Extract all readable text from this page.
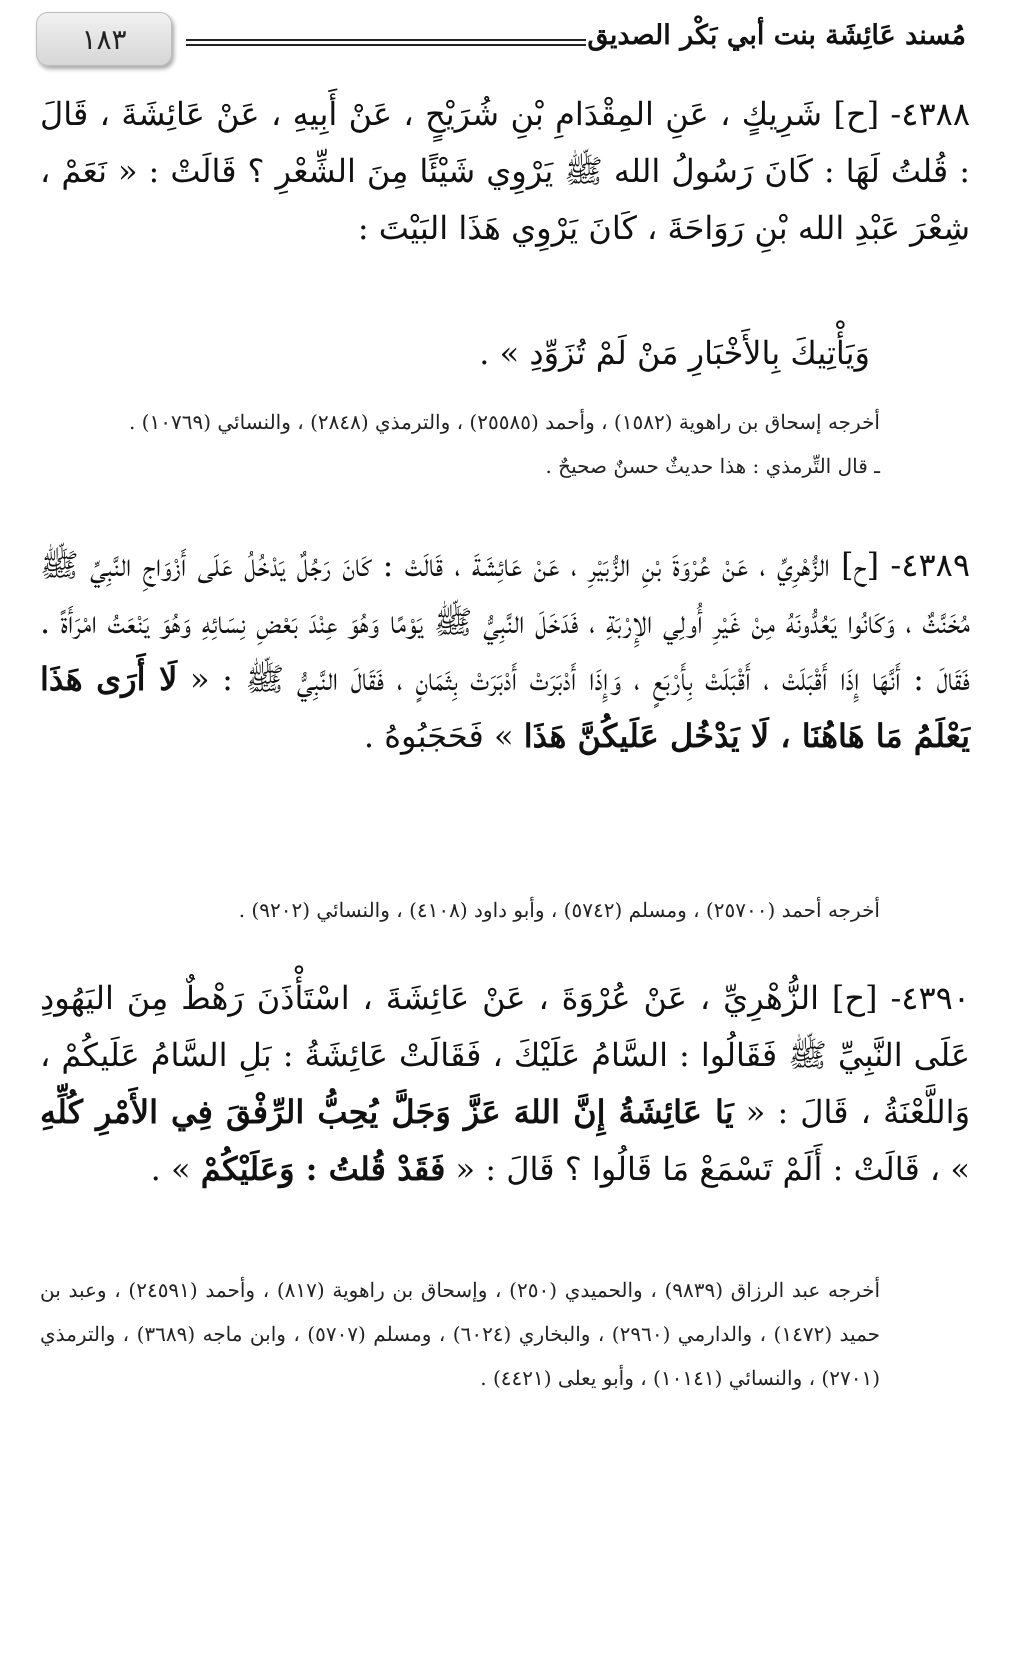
١٨٣	مُسند عَائِشَة بنت أبي بَكْر الصديق
٤٣٨٨- [ح] شَرِيكٍ ، عَنِ المِقْدَامِ بْنِ شُرَيْحٍ ، عَنْ أَبِيهِ ، عَنْ عَائِشَةَ ، قَالَ : قُلتُ لَهَا : كَانَ رَسُولُ الله ﷺ يَرْوِي شَيْئًا مِنَ الشِّعْرِ ؟ قَالَتْ : « نَعَمْ ، شِعْرَ عَبْدِ الله بْنِ رَوَاحَةَ ، كَانَ يَرْوِي هَذَا البَيْتَ :
وَيَأْتِيكَ بِالأَخْبَارِ مَنْ لَمْ تُزَوِّدِ » .
أخرجه إسحاق بن راهوية (١٥٨٢) ، وأحمد (٢٥٥٨٥) ، والترمذي (٢٨٤٨) ، والنسائي (١٠٧٦٩) .
ـ قال التِّرمذي : هذا حديثٌ حسنٌ صحيحٌ .
٤٣٨٩- [ح] الزُّهْرِيِّ ، عَنْ عُرْوَةَ بْنِ الزُّبَيْرِ ، عَنْ عَائِشَةَ ، قَالَتْ : كَانَ رَجُلٌ يَدْخُلُ عَلَى أَزْوَاجِ النَّبِيِّ ﷺ مُخَنَّثٌ ، وَكَانُوا يَعُدُّونَهُ مِنْ غَيْرِ أُولِي الإِرْبَةِ ، فَدَخَلَ النَّبِيُّ ﷺ يَوْمًا وَهُوَ عِنْدَ بَعْضِ نِسَائِهِ وَهُوَ يَنْعَتُ امْرَأَةً . فَقَالَ : أَنَّهَا إِذَا أَقْبَلَتْ ، أَقْبَلَتْ بِأَرْبَعٍ ، وَإِذَا أَدْبَرَتْ أَدْبَرَتْ بِثَمَانٍ ، فَقَالَ النَّبِيُّ ﷺ : « لَا أَرَى هَذَا يَعْلَمُ مَا هَاهُنَا ، لَا يَدْخُل عَلَيكُنَّ هَذَا » فَحَجَبُوهُ .
أخرجه أحمد (٢٥٧٠٠) ، ومسلم (٥٧٤٢) ، وأبو داود (٤١٠٨) ، والنسائي (٩٢٠٢) .
٤٣٩٠- [ح] الزُّهْرِيِّ ، عَنْ عُرْوَةَ ، عَنْ عَائِشَةَ ، اسْتَأْذَنَ رَهْطٌ مِنَ اليَهُودِ عَلَى النَّبِيِّ ﷺ فَقَالُوا : السَّامُ عَلَيْكَ ، فَقَالَتْ عَائِشَةُ : بَلِ السَّامُ عَلَيكُمْ ، وَاللَّعْنَةُ ، قَالَ : « يَا عَائِشَةُ إِنَّ اللهَ عَزَّ وَجَلَّ يُحِبُّ الرِّفْقَ فِي الأَمْرِ كُلِّهِ » ، قَالَتْ : أَلَمْ تَسْمَعْ مَا قَالُوا ؟ قَالَ : « فَقَدْ قُلتُ : وَعَلَيْكُمْ » .
أخرجه عبد الرزاق (٩٨٣٩) ، والحميدي (٢٥٠) ، وإسحاق بن راهوية (٨١٧) ، وأحمد (٢٤٥٩١) ، وعبد بن حميد (١٤٧٢) ، والدارمي (٢٩٦٠) ، والبخاري (٦٠٢٤) ، ومسلم (٥٧٠٧) ، وابن ماجه (٣٦٨٩) ، والترمذي (٢٧٠١) ، والنسائي (١٠١٤١) ، وأبو يعلى (٤٤٢١) .
